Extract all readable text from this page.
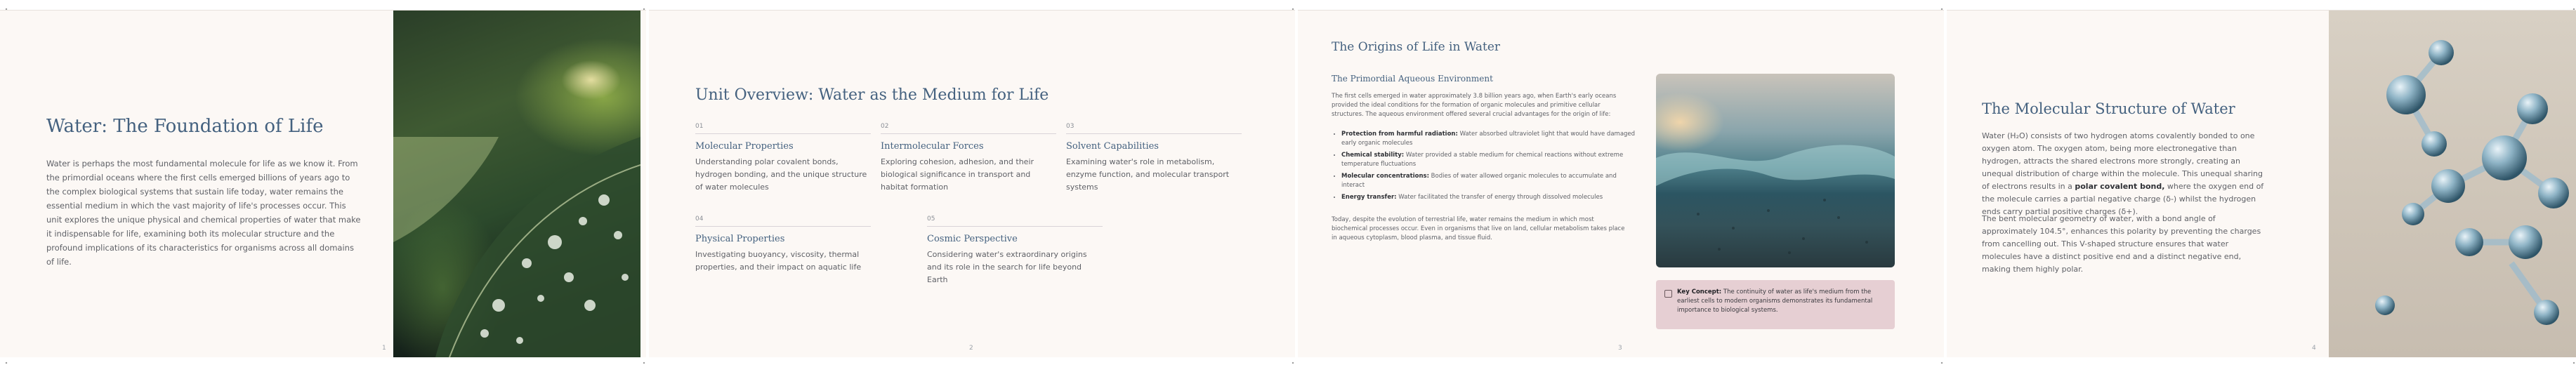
Water: The Foundation of Life

Water is perhaps the most fundamental molecule for life as we know it. From the primordial oceans where the first cells emerged billions of years ago to the complex biological systems that sustain life today, water remains the essential medium in which the vast majority of life's processes occur. This unit explores the unique physical and chemical properties of water that make it indispensable for life, examining both its molecular structure and the profound implications of its characteristics for organisms across all domains of life.

1
Unit Overview: Water as the Medium for Life
01
Molecular Properties
Understanding polar covalent bonds, hydrogen bonding, and the unique structure of water molecules
02
Intermolecular Forces
Exploring cohesion, adhesion, and their biological significance in transport and habitat formation
03
Solvent Capabilities
Examining water's role in metabolism, enzyme function, and molecular transport systems
04
Physical Properties
Investigating buoyancy, viscosity, thermal properties, and their impact on aquatic life
05
Cosmic Perspective
Considering water's extraordinary origins and its role in the search for life beyond Earth
2
The Origins of Life in Water
The Primordial Aqueous Environment

The first cells emerged in water approximately 3.8 billion years ago, when Earth's early oceans provided the ideal conditions for the formation of organic molecules and primitive cellular structures. The aqueous environment offered several crucial advantages for the origin of life:

• Protection from harmful radiation: Water absorbed ultraviolet light that would have damaged early organic molecules
• Chemical stability: Water provided a stable medium for chemical reactions without extreme temperature fluctuations
• Molecular concentrations: Bodies of water allowed organic molecules to accumulate and interact
• Energy transfer: Water facilitated the transfer of energy through dissolved molecules

Today, despite the evolution of terrestrial life, water remains the medium in which most biochemical processes occur. Even in organisms that live on land, cellular metabolism takes place in aqueous cytoplasm, blood plasma, and tissue fluid.

Key Concept: The continuity of water as life's medium from the earliest cells to modern organisms demonstrates its fundamental importance to biological systems.
3
The Molecular Structure of Water

Water (H₂O) consists of two hydrogen atoms covalently bonded to one oxygen atom. The oxygen atom, being more electronegative than hydrogen, attracts the shared electrons more strongly, creating an unequal distribution of charge within the molecule. This unequal sharing of electrons results in a polar covalent bond, where the oxygen end of the molecule carries a partial negative charge (δ-) whilst the hydrogen ends carry partial positive charges (δ+).

The bent molecular geometry of water, with a bond angle of approximately 104.5°, enhances this polarity by preventing the charges from cancelling out. This V-shaped structure ensures that water molecules have a distinct positive end and a distinct negative end, making them highly polar.

4
